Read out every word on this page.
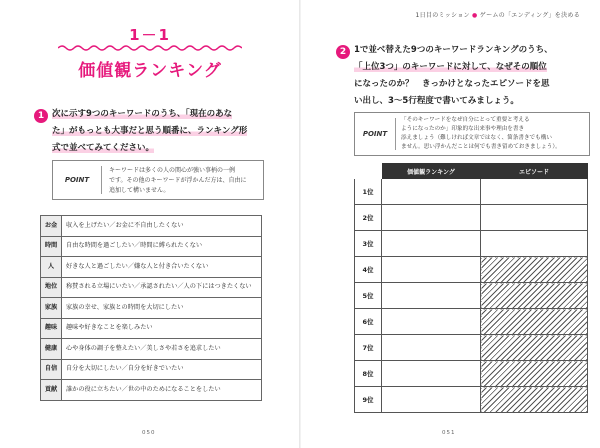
1－1
価値観ランキング
1 次に示す9つのキーワードのうち、「現在のあな
た」がもっとも大事だと思う順番に、ランキング形
式で並べてみてください。
POINT
キーワードは多くの人の関心が強い事柄の一例
です。その他のキーワードが浮かんだ方は、自由に
追加して構いません。
お金	収入を上げたい／お金に不自由したくない
時間	自由な時間を過ごしたい／時間に縛られたくない
人	好きな人と過ごしたい／嫌な人と付き合いたくない
地位	称賛される立場にいたい／承認されたい／人の下にはつきたくない
家族	家族の幸せ、家族との時間を大切にしたい
趣味	趣味や好きなことを楽しみたい
健康	心や身体の調子を整えたい／美しさや若さを追求したい
自信	自分を大切にしたい／自分を好きでいたい
貢献	誰かの役に立ちたい／世の中のためになることをしたい
050
1日目のミッション ● ゲームの「エンディング」を決める
2 1で並べ替えた9つのキーワードランキングのうち、
「上位3つ」のキーワードに対して、なぜその順位
になったのか？　きっかけとなったエピソードを思
い出し、3～5行程度で書いてみましょう。
POINT
「そのキーワードをなぜ自分にとって重要と考える
ようになったのか」印象的な出来事や理由を書き
添えましょう（難しければ文章ではなく、箇条書きでも構い
ません。思い浮かんだことは何でも書き留めておきましょう）。
	価値観ランキング	エピソード
1位		
2位		
3位		
4位		
5位		
6位		
7位		
8位		
9位		
051
